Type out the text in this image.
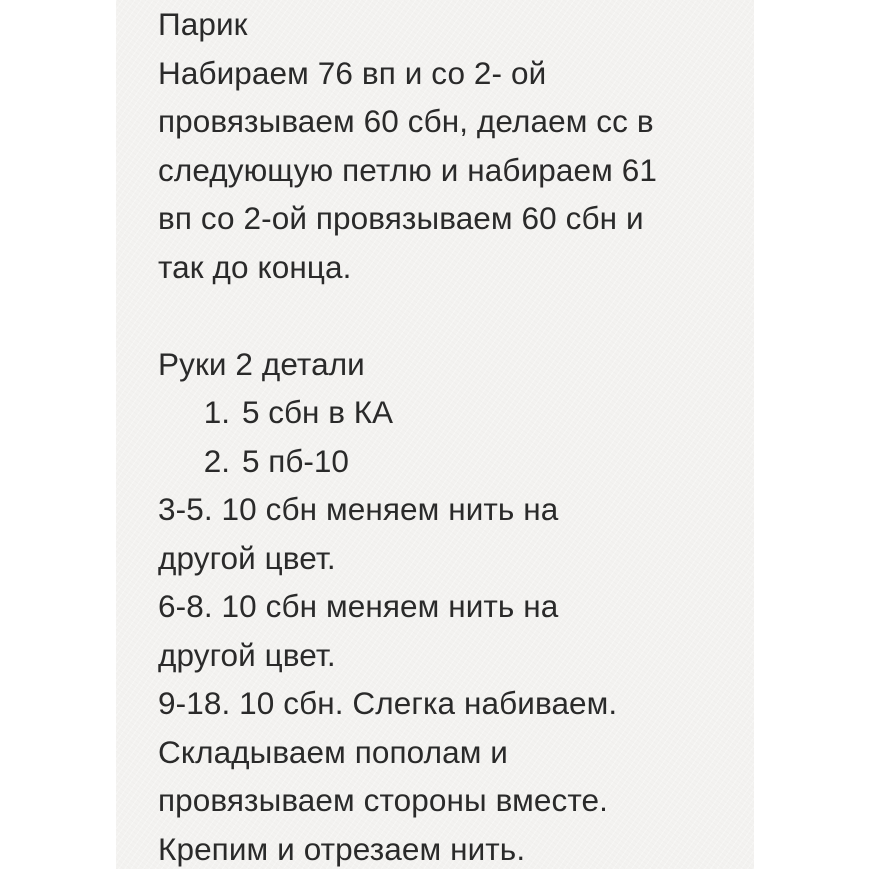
Парик
Набираем 76 вп и со 2- ой
провязываем 60 сбн, делаем сс в
следующую петлю и набираем 61
вп со 2-ой провязываем 60 сбн и
так до конца.
Руки 2 детали
1. 5 сбн в КА
2. 5 пб-10
3-5. 10 сбн меняем нить на
другой цвет.
6-8. 10 сбн меняем нить на
другой цвет.
9-18. 10 сбн. Слегка набиваем.
Складываем пополам и
провязываем стороны вместе.
Крепим и отрезаем нить.
